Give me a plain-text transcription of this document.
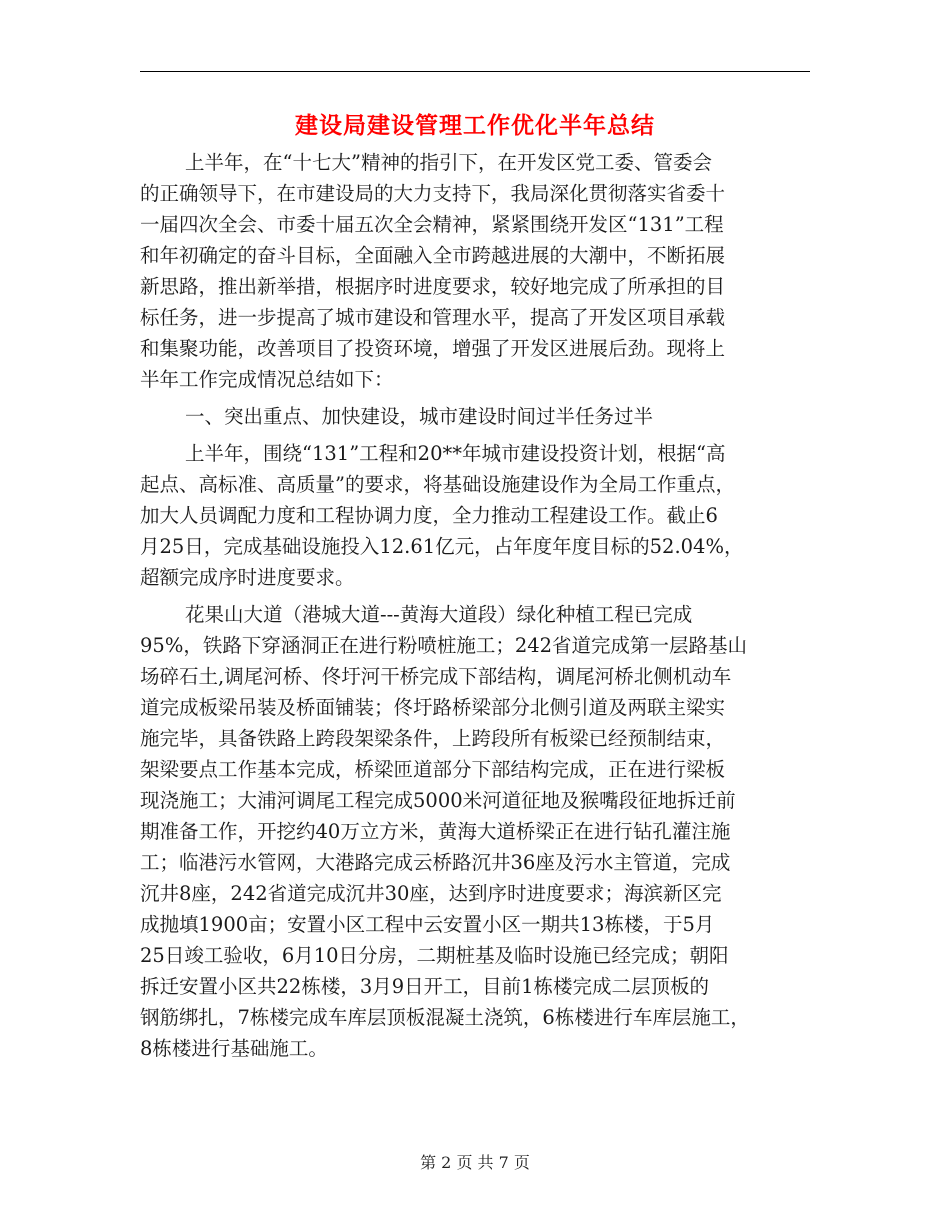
建设局建设管理工作优化半年总结
上半年，在“十七大”精神的指引下，在开发区党工委、管委会
的正确领导下，在市建设局的大力支持下，我局深化贯彻落实省委十
一届四次全会、市委十届五次全会精神，紧紧围绕开发区“131”工程
和年初确定的奋斗目标，全面融入全市跨越进展的大潮中，不断拓展
新思路，推出新举措，根据序时进度要求，较好地完成了所承担的目
标任务，进一步提高了城市建设和管理水平，提高了开发区项目承载
和集聚功能，改善项目了投资环境，增强了开发区进展后劲。现将上
半年工作完成情况总结如下：
一、突出重点、加快建设，城市建设时间过半任务过半
上半年，围绕“131”工程和20**年城市建设投资计划，根据“高
起点、高标准、高质量”的要求，将基础设施建设作为全局工作重点，
加大人员调配力度和工程协调力度，全力推动工程建设工作。截止6
月25日，完成基础设施投入12.61亿元，占年度年度目标的52.04%，
超额完成序时进度要求。
花果山大道（港城大道---黄海大道段）绿化种植工程已完成
95%，铁路下穿涵洞正在进行粉喷桩施工；242省道完成第一层路基山
场碎石土,调尾河桥、佟圩河干桥完成下部结构，调尾河桥北侧机动车
道完成板梁吊装及桥面铺装；佟圩路桥梁部分北侧引道及两联主梁实
施完毕，具备铁路上跨段架梁条件，上跨段所有板梁已经预制结束，
架梁要点工作基本完成，桥梁匝道部分下部结构完成，正在进行梁板
现浇施工；大浦河调尾工程完成5000米河道征地及猴嘴段征地拆迁前
期准备工作，开挖约40万立方米，黄海大道桥梁正在进行钻孔灌注施
工；临港污水管网，大港路完成云桥路沉井36座及污水主管道，完成
沉井8座，242省道完成沉井30座，达到序时进度要求；海滨新区完
成抛填1900亩；安置小区工程中云安置小区一期共13栋楼，于5月
25日竣工验收，6月10日分房，二期桩基及临时设施已经完成；朝阳
拆迁安置小区共22栋楼，3月9日开工，目前1栋楼完成二层顶板的
钢筋绑扎，7栋楼完成车库层顶板混凝土浇筑，6栋楼进行车库层施工，
8栋楼进行基础施工。
第 2 页 共 7 页
